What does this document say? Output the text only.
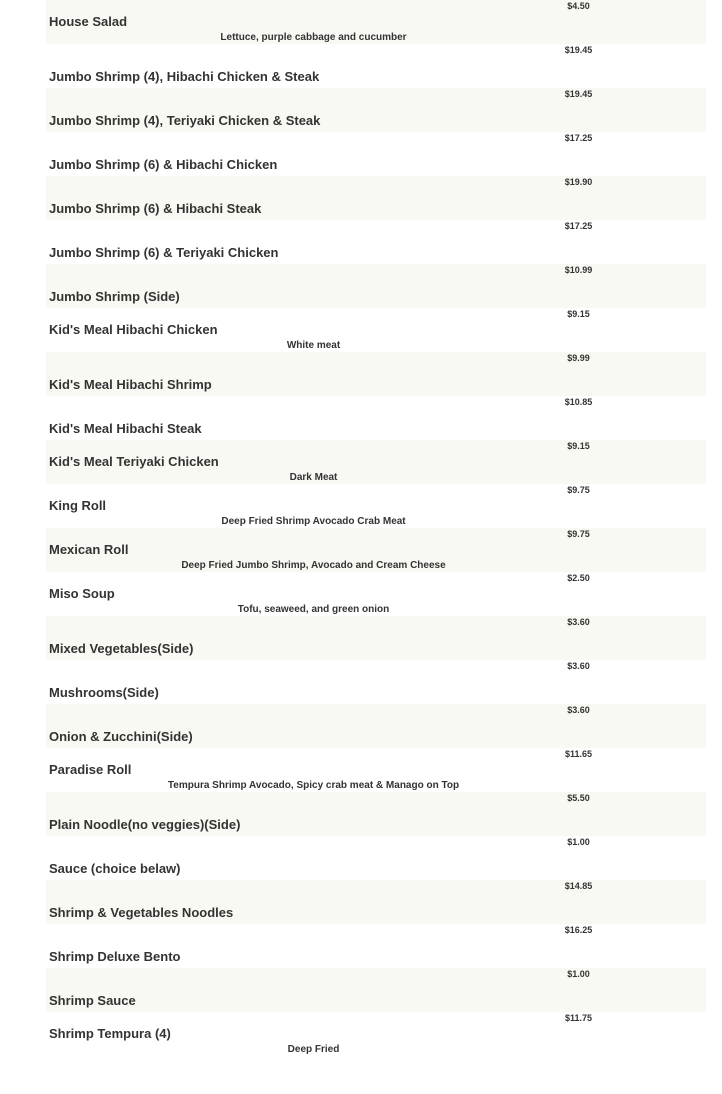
$4.50
House Salad
Lettuce, purple cabbage and cucumber
$19.45
Jumbo Shrimp (4), Hibachi Chicken & Steak
$19.45
Jumbo Shrimp (4), Teriyaki Chicken & Steak
$17.25
Jumbo Shrimp (6) & Hibachi Chicken
$19.90
Jumbo Shrimp (6) & Hibachi Steak
$17.25
Jumbo Shrimp (6) & Teriyaki Chicken
$10.99
Jumbo Shrimp (Side)
$9.15
Kid's Meal Hibachi Chicken
White meat
$9.99
Kid's Meal Hibachi Shrimp
$10.85
Kid's Meal Hibachi Steak
$9.15
Kid's Meal Teriyaki Chicken
Dark Meat
$9.75
King Roll
Deep Fried Shrimp Avocado Crab Meat
$9.75
Mexican Roll
Deep Fried Jumbo Shrimp, Avocado and Cream Cheese
$2.50
Miso Soup
Tofu, seaweed, and green onion
$3.60
Mixed Vegetables(Side)
$3.60
Mushrooms(Side)
$3.60
Onion & Zucchini(Side)
$11.65
Paradise Roll
Tempura Shrimp Avocado, Spicy crab meat & Manago on Top
$5.50
Plain Noodle(no veggies)(Side)
$1.00
Sauce (choice belaw)
$14.85
Shrimp & Vegetables Noodles
$16.25
Shrimp Deluxe Bento
$1.00
Shrimp Sauce
$11.75
Shrimp Tempura (4)
Deep Fried
